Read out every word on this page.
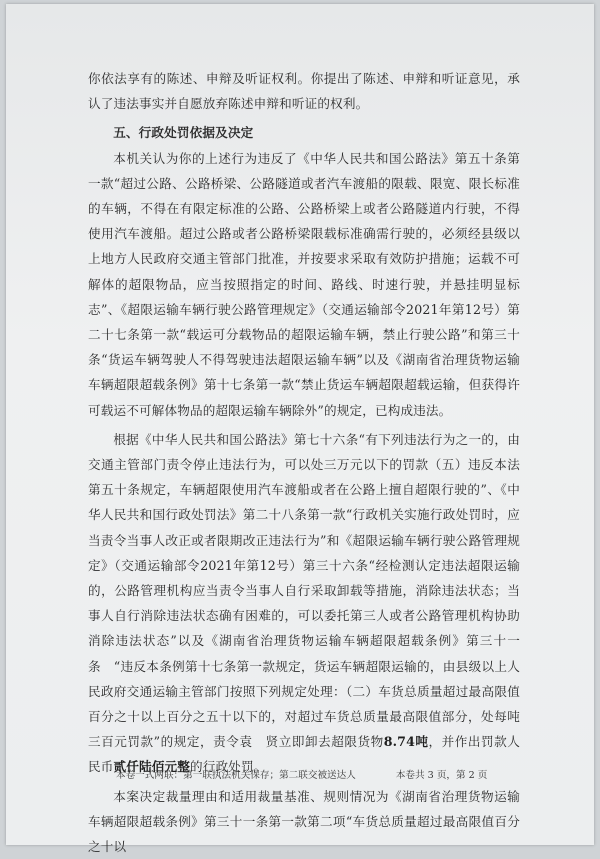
你依法享有的陈述、申辩及听证权利。你提出了陈述、申辩和听证意见，承认了违法事实并自愿放弃陈述申辩和听证的权利。

五、行政处罚依据及决定

本机关认为你的上述行为违反了《中华人民共和国公路法》第五十条第一款“超过公路、公路桥梁、公路隧道或者汽车渡船的限载、限宽、限长标准的车辆，不得在有限定标准的公路、公路桥梁上或者公路隧道内行驶，不得使用汽车渡船。超过公路或者公路桥梁限载标准确需行驶的，必须经县级以上地方人民政府交通主管部门批准，并按要求采取有效防护措施；运载不可解体的超限物品，应当按照指定的时间、路线、时速行驶，并悬挂明显标志”、《超限运输车辆行驶公路管理规定》（交通运输部令2021年第12号）第二十七条第一款“载运可分载物品的超限运输车辆，禁止行驶公路”和第三十条“货运车辆驾驶人不得驾驶违法超限运输车辆”以及《湖南省治理货物运输车辆超限超载条例》第十七条第一款“禁止货运车辆超限超载运输，但获得许可载运不可解体物品的超限运输车辆除外”的规定，已构成违法。

根据《中华人民共和国公路法》第七十六条“有下列违法行为之一的，由交通主管部门责令停止违法行为，可以处三万元以下的罚款（五）违反本法第五十条规定，车辆超限使用汽车渡船或者在公路上擅自超限行驶的”、《中华人民共和国行政处罚法》第二十八条第一款“行政机关实施行政处罚时，应当责令当事人改正或者限期改正违法行为”和《超限运输车辆行驶公路管理规定》（交通运输部令2021年第12号）第三十六条“经检测认定违法超限运输的，公路管理机构应当责令当事人自行采取卸载等措施，消除违法状态；当事人自行消除违法状态确有困难的，可以委托第三人或者公路管理机构协助消除违法状态”以及《湖南省治理货物运输车辆超限超载条例》第三十一条　“违反本条例第十七条第一款规定，货运车辆超限运输的，由县级以上人民政府交通运输主管部门按照下列规定处理：（二）车货总质量超过最高限值百分之十以上百分之五十以下的，对超过车货总质量最高限值部分，处每吨三百元罚款”的规定，责令袁　贤立即卸去超限货物8.74吨，并作出罚款人民币贰仟陆佰元整的行政处罚。

本案决定裁量理由和适用裁量基准、规则情况为《湖南省治理货物运输车辆超限超载条例》第三十一条第一款第二项“车货总质量超过最高限值百分之十以

本卷一式两联：第一联执法机关保存；第二联交被送达人	本卷共 3 页，第 2 页
